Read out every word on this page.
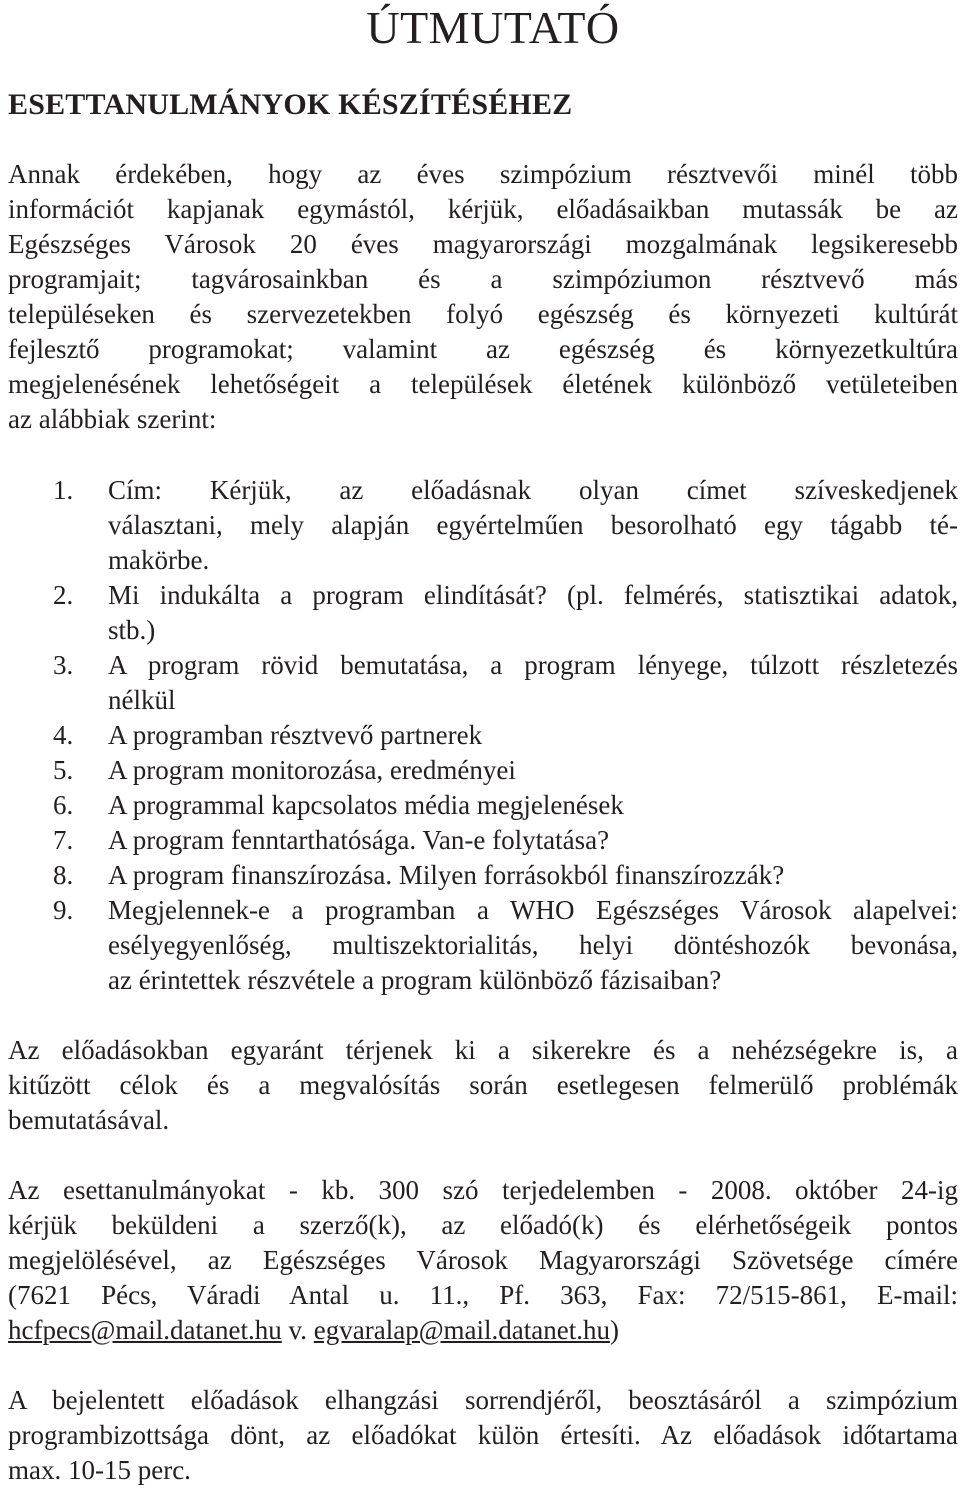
ÚTMUTATÓ
ESETTANULMÁNYOK KÉSZÍTÉSÉHEZ

Annak érdekében, hogy az éves szimpózium résztvevői minél több
információt kapjanak egymástól, kérjük, előadásaikban mutassák be az
Egészséges Városok 20 éves magyarországi mozgalmának legsikeresebb
programjait; tagvárosainkban és a szimpóziumon résztvevő más
településeken és szervezetekben folyó egészség és környezeti kultúrát
fejlesztő programokat; valamint az egészség és környezetkultúra
megjelenésének lehetőségeit a települések életének különböző vetületeiben
az alábbiak szerint:

1. Cím: Kérjük, az előadásnak olyan címet szíveskedjenek
választani, mely alapján egyértelműen besorolható egy tágabb té-
makörbe.
2. Mi indukálta a program elindítását? (pl. felmérés, statisztikai adatok,
stb.)
3. A program rövid bemutatása, a program lényege, túlzott részletezés
nélkül
4. A programban résztvevő partnerek
5. A program monitorozása, eredményei
6. A programmal kapcsolatos média megjelenések
7. A program fenntarthatósága. Van-e folytatása?
8. A program finanszírozása. Milyen forrásokból finanszírozzák?
9. Megjelennek-e a programban a WHO Egészséges Városok alapelvei:
esélyegyenlőség, multiszektorialitás, helyi döntéshozók bevonása,
az érintettek részvétele a program különböző fázisaiban?

Az előadásokban egyaránt térjenek ki a sikerekre és a nehézségekre is, a
kitűzött célok és a megvalósítás során esetlegesen felmerülő problémák
bemutatásával.

Az esettanulmányokat - kb. 300 szó terjedelemben - 2008. október 24-ig
kérjük beküldeni a szerző(k), az előadó(k) és elérhetőségeik pontos
megjelölésével, az Egészséges Városok Magyarországi Szövetsége címére
(7621 Pécs, Váradi Antal u. 11., Pf. 363, Fax: 72/515-861, E-mail:
hcfpecs@mail.datanet.hu v. egvaralap@mail.datanet.hu)

A bejelentett előadások elhangzási sorrendjéről, beosztásáról a szimpózium
programbizottsága dönt, az előadókat külön értesíti. Az előadások időtartama
max. 10-15 perc.
